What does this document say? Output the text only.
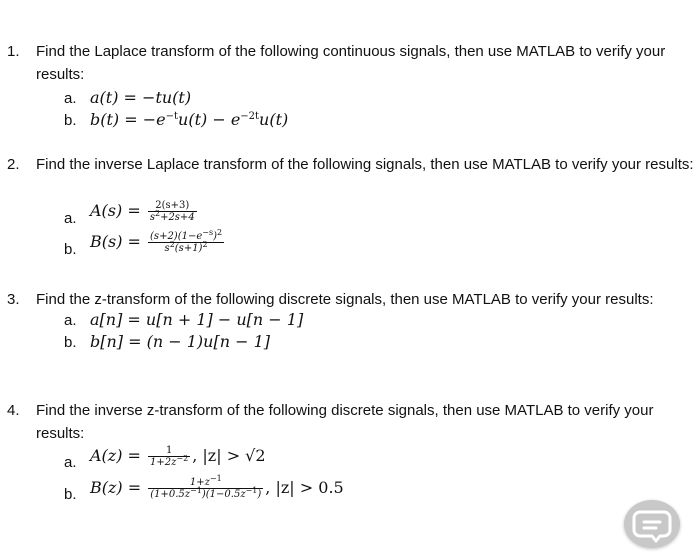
1. Find the Laplace transform of the following continuous signals, then use MATLAB to verify your results:
a. a(t) = −tu(t)
b. $b(t) = -e^{-t}u(t) - e^{-2t}u(t)$
2. Find the inverse Laplace transform of the following signals, then use MATLAB to verify your results:
a. $A(s) = \frac{2(s+3)}{s^2+2s+4}$
b. $B(s) = \frac{(s+2)(1-e^{-s})^2}{s^2(s+1)^2}$
3. Find the z-transform of the following discrete signals, then use MATLAB to verify your results:
a. a[n] = u[n + 1] − u[n − 1]
b. b[n] = (n − 1)u[n − 1]
4. Find the inverse z-transform of the following discrete signals, then use MATLAB to verify your results:
a. $A(z) = \frac{1}{1+2z^{-2}}$ , |z| > √2
b. $B(z) = \frac{1+z^{-1}}{(1+0.5z^{-1})(1-0.5z^{-1})}$ , |z| > 0.5
